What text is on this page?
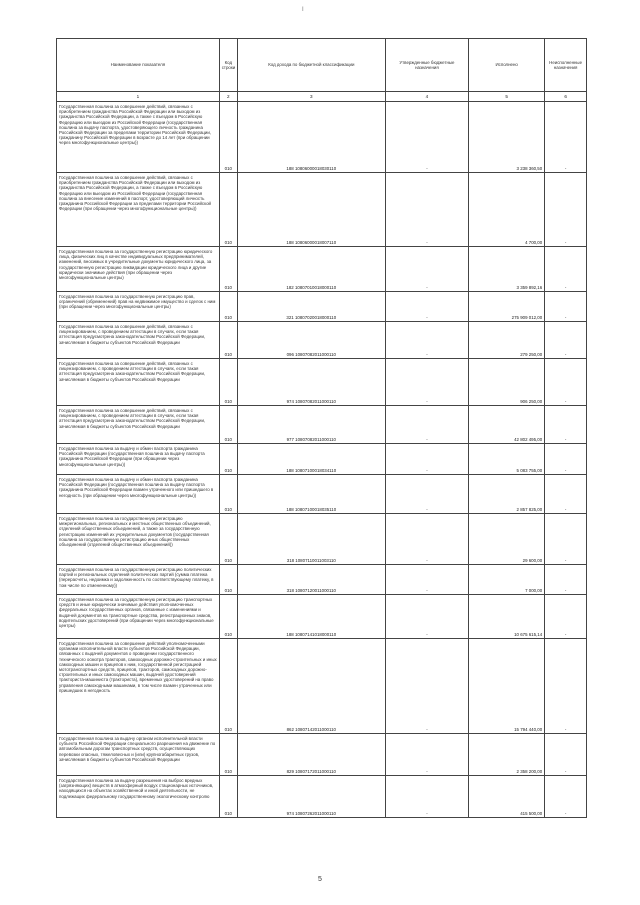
I
Наименование показателя	Код строки	Код дохода по бюджетной классификации	Утвержденные бюджетные назначения	Исполнено	Неисполненные назначения
1	2	3	4	5	6
Государственная пошлина за совершение действий, связанных с приобретением гражданства Российской Федерации или выходом из гражданства Российской Федерации, а также с въездом в Российскую Федерацию или выездом из Российской Федерации (государственная пошлина за выдачу паспорта, удостоверяющего личность гражданина Российской Федерации за пределами территории Российской Федерации, гражданину Российской Федерации в возрасте до 14 лет (при обращении через многофункциональные центры))	010	188 10806000018030110	-	3 238 360,50	-
Государственная пошлина за совершение действий, связанных с приобретением гражданства Российской Федерации или выходом из гражданства Российской Федерации, а также с въездом в Российскую Федерацию или выездом из Российской Федерации (государственная пошлина за внесение изменений в паспорт, удостоверяющий личность гражданина Российской Федерации за пределами территории Российской Федерации (при обращении через многофункциональные центры))	010	188 10806000018007110	-	4 700,00	-
Государственная пошлина за государственную регистрацию юридического лица, физических лиц в качестве индивидуальных предпринимателей, изменений, вносимых в учредительные документы юридического лица, за государственную регистрацию ликвидации юридического лица и другие юридически значимые действия (при обращении через многофункциональные центры)	010	182 10807010018000110	-	3 359 892,16	-
Государственная пошлина за государственную регистрацию прав, ограничений (обременений) прав на недвижимое имущество и сделок с ним (при обращении через многофункциональные центры)	010	321 10807020018000110	-	275 909 012,00	-
Государственная пошлина за совершение действий, связанных с лицензированием, с проведением аттестации в случаях, если такая аттестация предусмотрена законодательством Российской Федерации, зачисляемая в бюджеты субъектов Российской Федерации	010	096 10807082011000110	-	279 250,00	-
Государственная пошлина за совершение действий, связанных с лицензированием, с проведением аттестации в случаях, если такая аттестация предусмотрена законодательством Российской Федерации, зачисляемая в бюджеты субъектов Российской Федерации	010	974 10807082011000110	-	906 250,00	-
Государственная пошлина за совершение действий, связанных с лицензированием, с проведением аттестации в случаях, если такая аттестация предусмотрена законодательством Российской Федерации, зачисляемая в бюджеты субъектов Российской Федерации	010	977 10807082011000110	-	42 802 495,00	-
Государственная пошлина за выдачу и обмен паспорта гражданина Российской Федерации (государственная пошлина за выдачу паспорта гражданина Российской Федерации (при обращении через многофункциональные центры))	010	188 10807100018034110	-	5 083 755,00	-
Государственная пошлина за выдачу и обмен паспорта гражданина Российской Федерации (государственная пошлина за выдачу паспорта гражданина Российской Федерации взамен утраченного или пришедшего в негодность (при обращении через многофункциональные центры))	010	188 10807100018035110	-	2 857 825,00	-
Государственная пошлина за государственную регистрацию межрегиональных, региональных и местных общественных объединений, отделений общественных объединений, а также за государственную регистрацию изменений их учредительных документов (государственная пошлина за государственную регистрацию иных общественных объединений (отделений общественных объединений))	010	318 10807110011003110	-	29 600,00	-
Государственная пошлина за государственную регистрацию политических партий и региональных отделений политических партий (сумма платежа (перерасчеты, недоимка и задолженность по соответствующему платежу, в том числе по отмененному))	010	318 10807120011000110	-	7 000,00	-
Государственная пошлина за государственную регистрацию транспортных средств и иные юридически значимые действия уполномоченных федеральных государственных органов, связанные с изменениями и выдачей документов на транспортные средства, регистрационных знаков, водительских удостоверений (при обращении через многофункциональные центры)	010	188 10807141018000110	-	10 675 615,14	-
Государственная пошлина за совершение действий уполномоченными органами исполнительной власти субъектов Российской Федерации, связанных с выдачей документов о проведении государственного технического осмотра тракторов, самоходных дорожно-строительных и иных самоходных машин и прицепов к ним, государственной регистрацией мототранспортных средств, прицепов, тракторов, самоходных дорожно-строительных и иных самоходных машин, выдачей удостоверений тракториста-машиниста (тракториста), временных удостоверений на право управления самоходными машинами, в том числе взамен утраченных или пришедших в негодность	010	862 10807142011000110	-	15 794 440,00	-
Государственная пошлина за выдачу органом исполнительной власти субъекта Российской Федерации специального разрешения на движение по автомобильным дорогам транспортных средств, осуществляющих перевозки опасных, тяжеловесных и (или) крупногабаритных грузов, зачисляемая в бюджеты субъектов Российской Федерации	010	829 10807172011000110	-	2 358 200,00	-
Государственная пошлина за выдачу разрешения на выброс вредных (загрязняющих) веществ в атмосферный воздух стационарных источников, находящихся на объектах хозяйственной и иной деятельности, не подлежащих федеральному государственному экологическому контролю	010	974 10807262011000110	-	415 500,00	-
5
